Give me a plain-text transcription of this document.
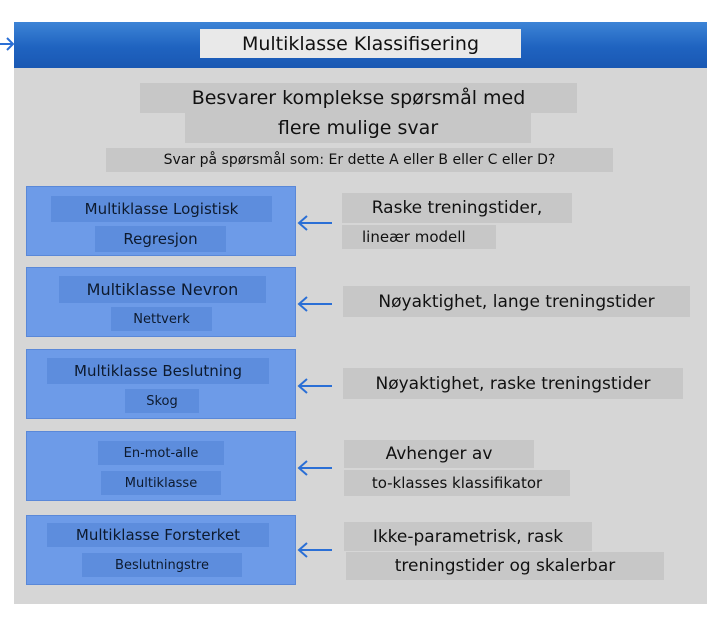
Multiklasse Klassifisering
Besvarer komplekse spørsmål med
flere mulige svar
Svar på spørsmål som: Er dette A eller B eller C eller D?
Multiklasse Logistisk
Regresjon
Raske treningstider,
lineær modell
Multiklasse Nevron
Nettverk
Nøyaktighet, lange treningstider
Multiklasse Beslutning
Skog
Nøyaktighet, raske treningstider
En-mot-alle
Multiklasse
Avhenger av
to-klasses klassifikator
Multiklasse Forsterket
Beslutningstre
Ikke-parametrisk, rask
treningstider og skalerbar
